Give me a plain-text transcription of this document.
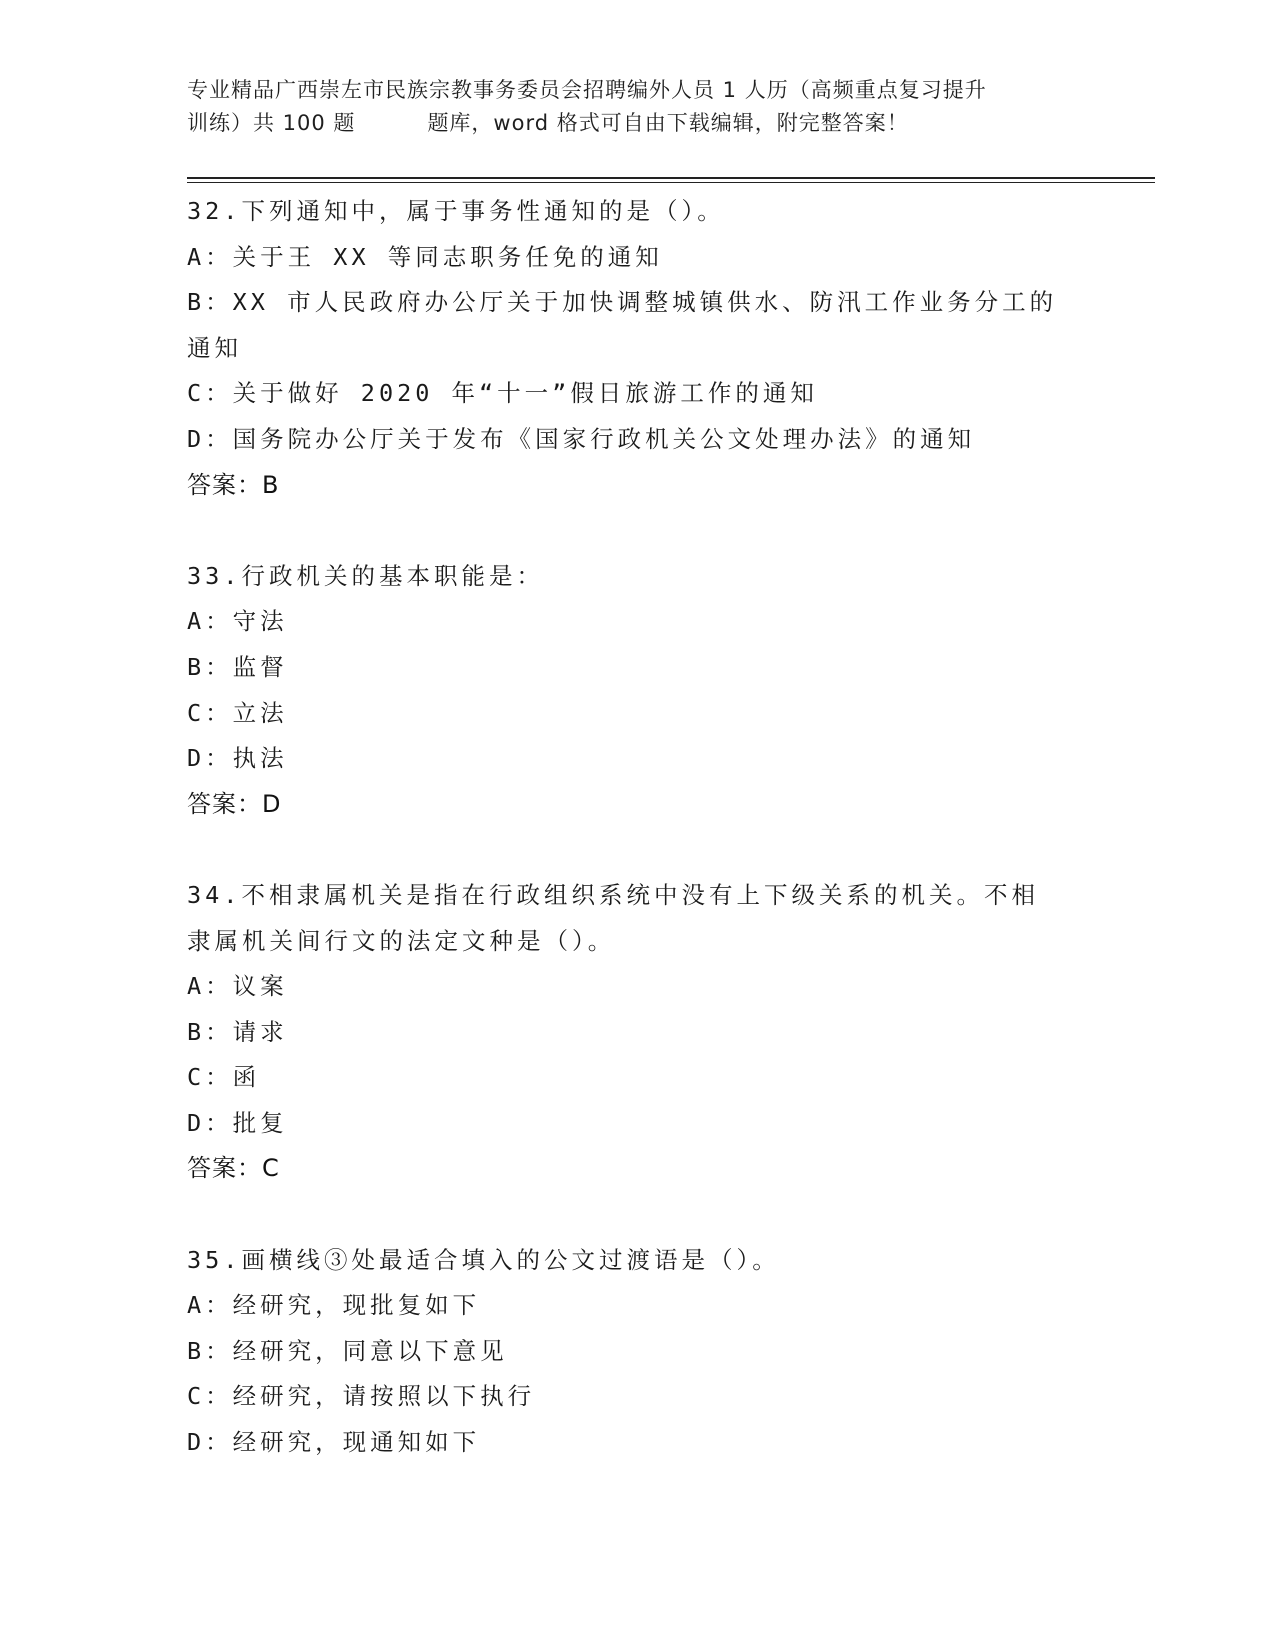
专业精品广西崇左市民族宗教事务委员会招聘编外人员 1 人历（高频重点复习提升
训练）共 100 题	题库，word 格式可自由下载编辑，附完整答案！
32.下列通知中，属于事务性通知的是（）。
A：关于王 XX 等同志职务任免的通知
B：XX 市人民政府办公厅关于加快调整城镇供水、防汛工作业务分工的
通知
C：关于做好 2020 年“十一”假日旅游工作的通知
D：国务院办公厅关于发布《国家行政机关公文处理办法》的通知
答案：B
33.行政机关的基本职能是：
A：守法
B：监督
C：立法
D：执法
答案：D
34.不相隶属机关是指在行政组织系统中没有上下级关系的机关。不相
隶属机关间行文的法定文种是（）。
A：议案
B：请求
C：函
D：批复
答案：C
35.画横线③处最适合填入的公文过渡语是（）。
A：经研究，现批复如下
B：经研究，同意以下意见
C：经研究，请按照以下执行
D：经研究，现通知如下
